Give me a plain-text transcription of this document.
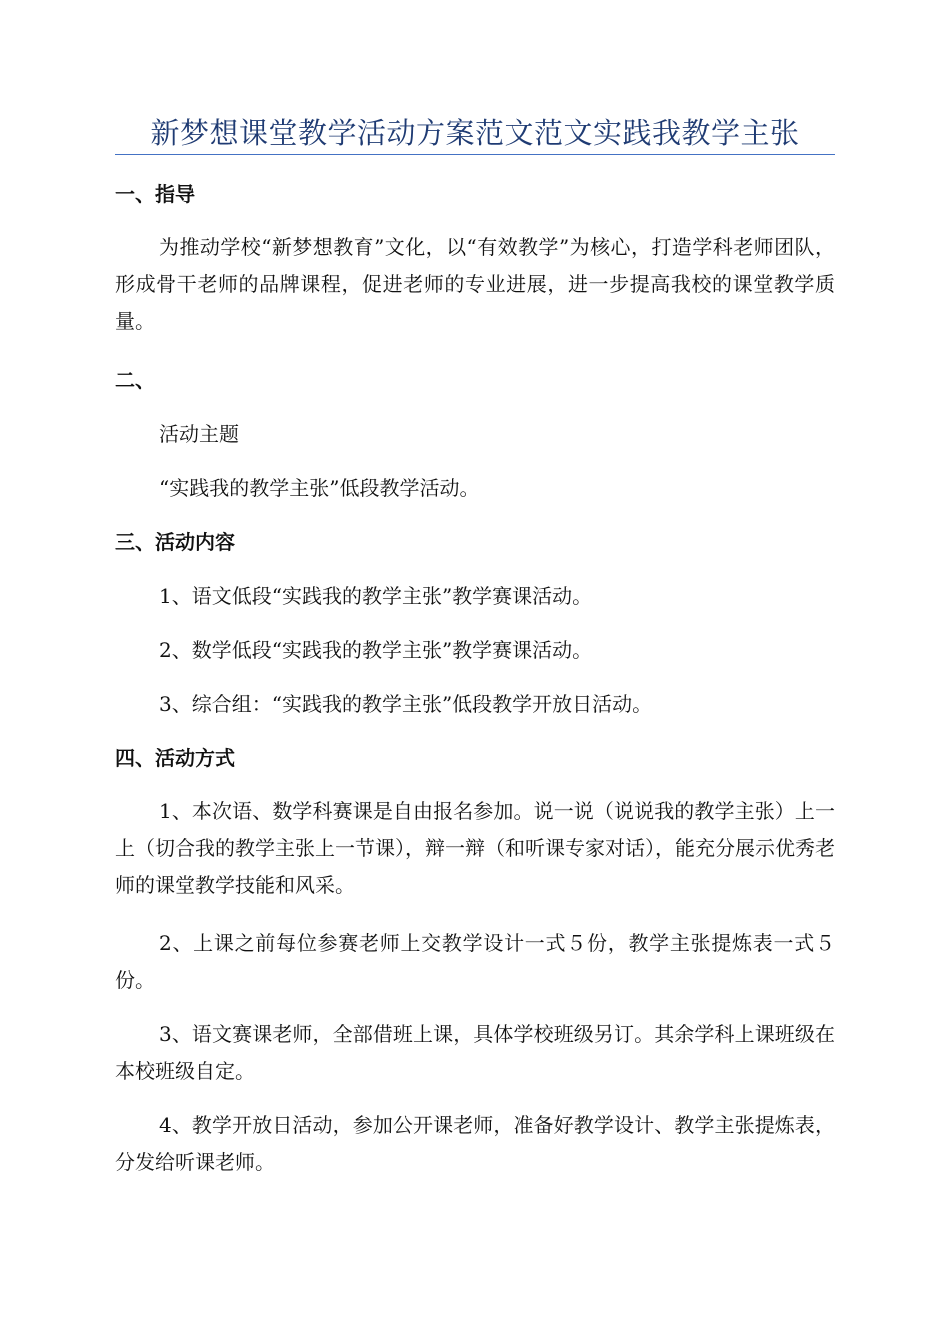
新梦想课堂教学活动方案范文范文实践我教学主张
一、指导
为推动学校“新梦想教育”文化，以“有效教学”为核心，打造学科老师团队，形成骨干老师的品牌课程，促进老师的专业进展，进一步提高我校的课堂教学质量。
二、
活动主题
“实践我的教学主张”低段教学活动。
三、活动内容
1、语文低段“实践我的教学主张”教学赛课活动。
2、数学低段“实践我的教学主张”教学赛课活动。
3、综合组：“实践我的教学主张”低段教学开放日活动。
四、活动方式
1、本次语、数学科赛课是自由报名参加。说一说（说说我的教学主张）上一上（切合我的教学主张上一节课），辩一辩（和听课专家对话），能充分展示优秀老师的课堂教学技能和风采。
2、上课之前每位参赛老师上交教学设计一式５份，教学主张提炼表一式５份。
3、语文赛课老师，全部借班上课，具体学校班级另订。其余学科上课班级在本校班级自定。
4、教学开放日活动，参加公开课老师，准备好教学设计、教学主张提炼表，分发给听课老师。
